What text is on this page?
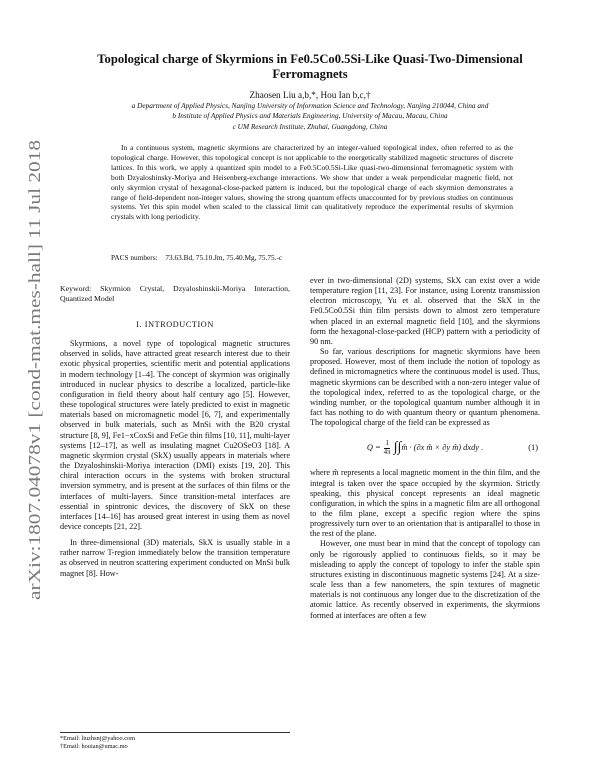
arXiv:1807.04078v1 [cond-mat.mes-hall] 11 Jul 2018
Topological charge of Skyrmions in Fe0.5Co0.5Si-Like Quasi-Two-Dimensional Ferromagnets
Zhaosen Liu a,b,*, Hou Ian b,c,†
a Department of Applied Physics, Nanjing University of Information Science and Technology, Nanjing 210044, China and
b Institute of Applied Physics and Materials Engineering, University of Macau, Macau, China
c UM Research Institute, Zhuhai, Guangdong, China
In a continuous system, magnetic skyrmions are characterized by an integer-valued topological index, often referred to as the topological charge. However, this topological concept is not applicable to the energetically stabilized magnetic structures of discrete lattices. In this work, we apply a quantized spin model to a Fe0.5Co0.5Si-Like quasi-two-dimensional ferromagnetic system with both Dzyaloshinsky-Moriya and Heisenberg-exchange interactions. We show that under a weak perpendicular magnetic field, not only skyrmion crystal of hexagonal-close-packed pattern is induced, but the topological charge of each skyrmion demonstrates a range of field-dependent non-integer values, showing the strong quantum effects unaccounted for by previous studies on continuous systems. Yet this spin model when scaled to the classical limit can qualitatively reproduce the experimental results of skyrmion crystals with long periodicity.
PACS numbers: 73.63.Bd, 75.10.Jm, 75.40.Mg, 75.75.-c

Keyword: Skyrmion Crystal, Dzyaloshinskii-Moriya Interaction, Quantized Model

I. INTRODUCTION

Skyrmions, a novel type of topological magnetic structures observed in solids, have attracted great research interest due to their exotic physical properties, scientific merit and potential applications in modern technology [1–4]. The concept of skyrmion was originally introduced in nuclear physics to describe a localized, particle-like configuration in field theory about half century ago [5]. However, these topological structures were lately predicted to exist in magnetic materials based on micromagnetic model [6, 7], and experimentally observed in bulk materials, such as MnSi with the B20 crystal structure [8, 9], Fe1−xCoxSi and FeGe thin films [10, 11], multi-layer systems [12–17], as well as insulating magnet Cu2OSeO3 [18]. A magnetic skyrmion crystal (SkX) usually appears in materials where the Dzyaloshinskii-Moriya interaction (DMI) exists [19, 20]. This chiral interaction occurs in the systems with broken structural inversion symmetry, and is present at the surfaces of thin films or the interfaces of multi-layers. Since transition-metal interfaces are essential in spintronic devices, the discovery of SkX on these interfaces [14–16] has aroused great interest in using them as novel device concepts [21, 22].

In three-dimensional (3D) materials, SkX is usually stable in a rather narrow T-region immediately below the transition temperature as observed in neutron scattering experiment conducted on MnSi bulk magnet [8]. How-

ever in two-dimensional (2D) systems, SkX can exist over a wide temperature region [11, 23]. For instance, using Lorentz transmission electron microscopy, Yu et al. observed that the SkX in the Fe0.5Co0.5Si thin film persists down to almost zero temperature when placed in an external magnetic field [10], and the skyrmions form the hexagonal-close-packed (HCP) pattern with a periodicity of 90 nm.

So far, various descriptions for magnetic skyrmions have been proposed. However, most of them include the notion of topology as defined in micromagnetics where the continuous model is used. Thus, magnetic skyrmions can be described with a non-zero integer value of the topological index, referred to as the topological charge, or the winding number, or the topological quantum number although it in fact has nothing to do with quantum theory or quantum phenomena. The topological charge of the field can be expressed as

$Q = \frac{1}{4\pi}$ ∫∫ m̂ · (∂x m̂ × ∂y m̂) dxdy .	(1)

where m̂ represents a local magnetic moment in the thin film, and the integral is taken over the space occupied by the skyrmion. Strictly speaking, this physical concept represents an ideal magnetic configuration, in which the spins in a magnetic film are all orthogonal to the film plane, except a specific region where the spins progressively turn over to an orientation that is antiparallel to those in the rest of the plane.

However, one must bear in mind that the concept of topology can only be rigorously applied to continuous fields, so it may be misleading to apply the concept of topology to infer the stable spin structures existing in discontinuous magnetic systems [24]. At a size-scale less than a few nanometers, the spin textures of magnetic materials is not continuous any longer due to the discretization of the atomic lattice. As recently observed in experiments, the skyrmions formed at interfaces are often a few

*Email: liuzhsnj@yahoo.com
†Email: houian@umac.mo
